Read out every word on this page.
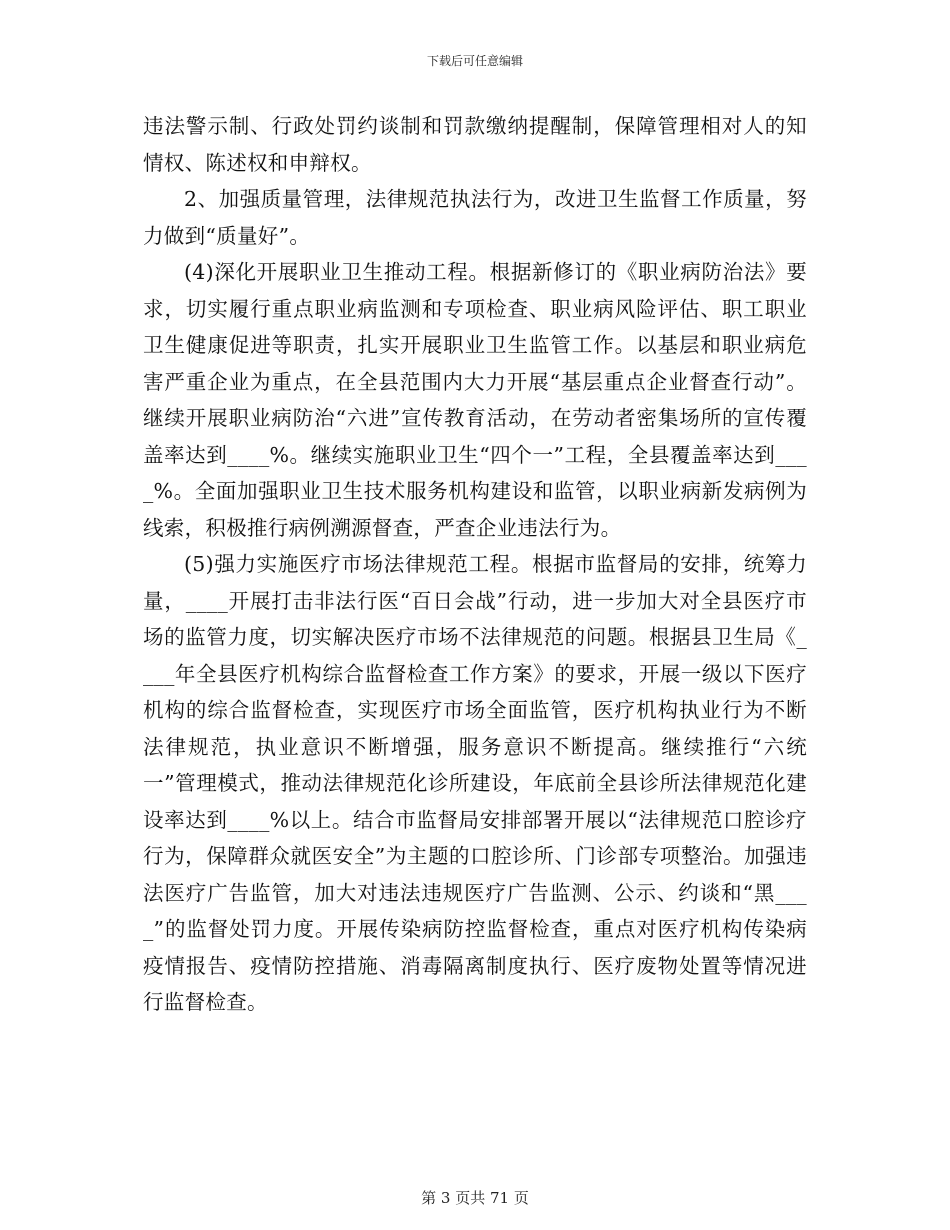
下载后可任意编辑

违法警示制、行政处罚约谈制和罚款缴纳提醒制，保障管理相对人的知情权、陈述权和申辩权。

2、加强质量管理，法律规范执法行为，改进卫生监督工作质量，努力做到“质量好”。

(4)深化开展职业卫生推动工程。根据新修订的《职业病防治法》要求，切实履行重点职业病监测和专项检查、职业病风险评估、职工职业卫生健康促进等职责，扎实开展职业卫生监管工作。以基层和职业病危害严重企业为重点，在全县范围内大力开展“基层重点企业督查行动”。继续开展职业病防治“六进”宣传教育活动，在劳动者密集场所的宣传覆盖率达到____%。继续实施职业卫生“四个一”工程，全县覆盖率达到____%。全面加强职业卫生技术服务机构建设和监管，以职业病新发病例为线索，积极推行病例溯源督查，严查企业违法行为。

(5)强力实施医疗市场法律规范工程。根据市监督局的安排，统筹力量，____开展打击非法行医“百日会战”行动，进一步加大对全县医疗市场的监管力度，切实解决医疗市场不法律规范的问题。根据县卫生局《____年全县医疗机构综合监督检查工作方案》的要求，开展一级以下医疗机构的综合监督检查，实现医疗市场全面监管，医疗机构执业行为不断法律规范，执业意识不断增强，服务意识不断提高。继续推行“六统一”管理模式，推动法律规范化诊所建设，年底前全县诊所法律规范化建设率达到____%以上。结合市监督局安排部署开展以“法律规范口腔诊疗行为，保障群众就医安全”为主题的口腔诊所、门诊部专项整治。加强违法医疗广告监管，加大对违法违规医疗广告监测、公示、约谈和“黑____”的监督处罚力度。开展传染病防控监督检查，重点对医疗机构传染病疫情报告、疫情防控措施、消毒隔离制度执行、医疗废物处置等情况进行监督检查。

第 3 页共 71 页
